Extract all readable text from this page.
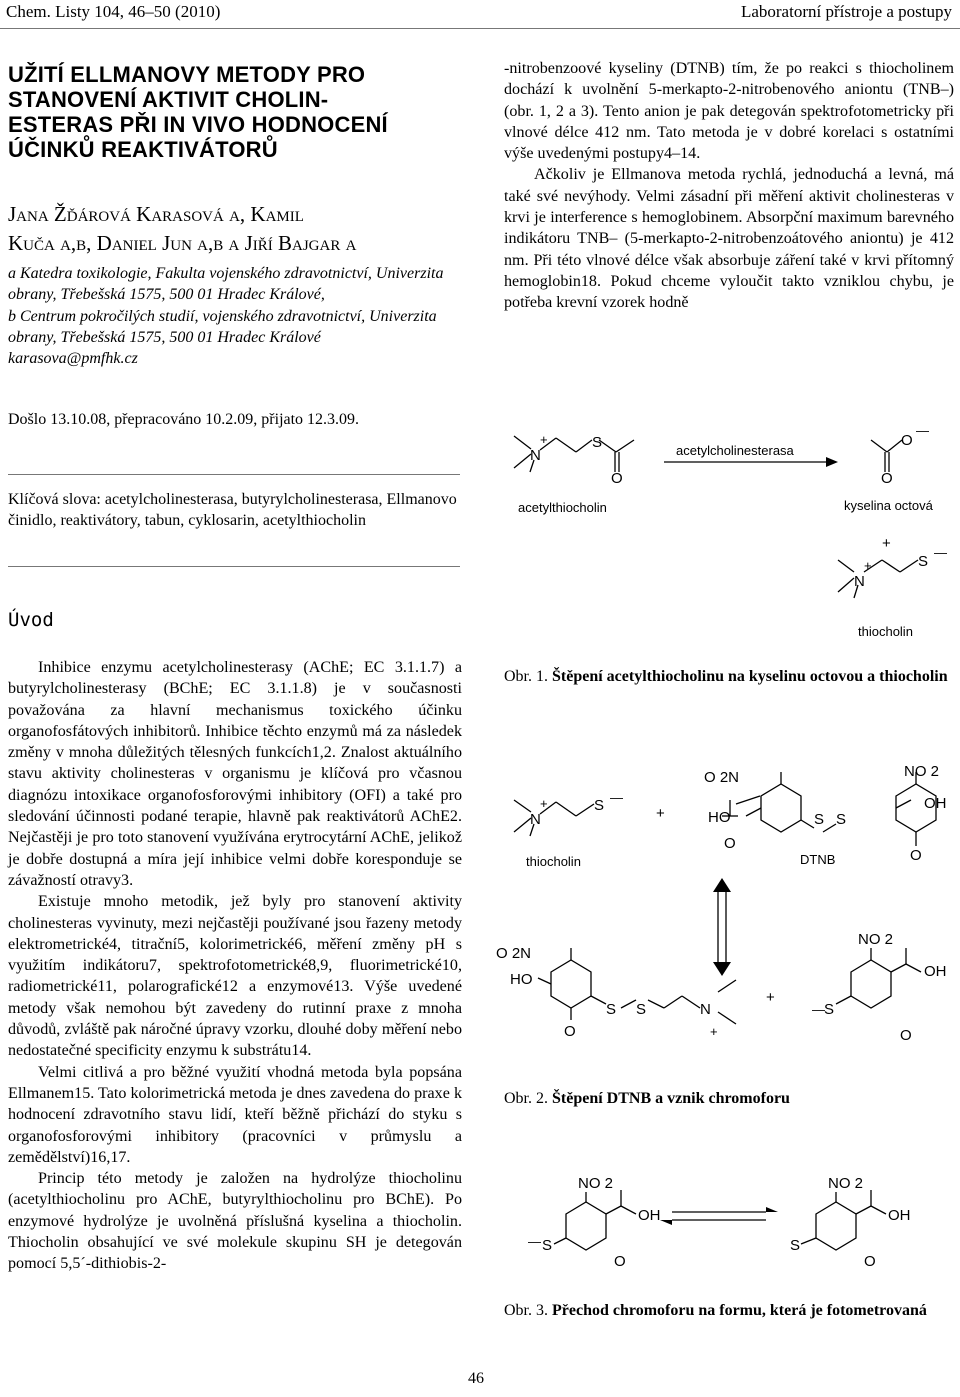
Chem. Listy 104, 46–50 (2010)	Laboratorní přístroje a postupy

UŽITÍ ELLMANOVY METODY PRO

STANOVENÍ AKTIVIT CHOLIN-

ESTERAS PŘI IN VIVO HODNOCENÍ

ÚČINKŮ REAKTIVÁTORŮ

Jana Žďárová Karasová a, Kamil

Kuča a,b, Daniel Jun a,b a Jiří Bajgar a

a Katedra toxikologie, Fakulta vojenského zdravotnictví, Univerzita obrany, Třebešská 1575, 500 01 Hradec Králové,

b Centrum pokročilých studií, vojenského zdravotnictví, Univerzita obrany, Třebešská 1575, 500 01 Hradec Králové

karasova@pmfhk.cz

Došlo 13.10.08, přepracováno 10.2.09, přijato 12.3.09.
Klíčová slova: acetylcholinesterasa, butyrylcholinesterasa, Ellmanovo činidlo, reaktivátory, tabun, cyklosarin, acetylthiocholin
Úvod

Inhibice enzymu acetylcholinesterasy (AChE; EC 3.1.1.7) a butyrylcholinesterasy (BChE; EC 3.1.1.8) je v současnosti považována za hlavní mechanismus toxického účinku organofosfátových inhibitorů. Inhibice těchto enzymů má za následek změny v mnoha důležitých tělesných funkcích1,2. Znalost aktuálního stavu aktivity cholinesteras v organismu je klíčová pro včasnou diagnózu intoxikace organofosforovými inhibitory (OFI) a také pro sledování účinnosti podané terapie, hlavně pak reaktivátorů AChE2. Nejčastěji je pro toto stanovení využívána erytrocytární AChE, jelikož je dobře dostupná a míra její inhibice velmi dobře koresponduje se závažností otravy3.

Existuje mnoho metodik, jež byly pro stanovení aktivity cholinesteras vyvinuty, mezi nejčastěji používané jsou řazeny metody elektrometrické4, titrační5, kolorimetrické6, měření změny pH s využitím indikátoru7, spektrofotometrické8,9, fluorimetrické10, radiometrické11, polarografické12 a enzymové13. Výše uvedené metody však nemohou být zavedeny do rutinní praxe z mnoha důvodů, zvláště pak náročné úpravy vzorku, dlouhé doby měření nebo nedostatečné specificity enzymu k substrátu14.

Velmi citlivá a pro běžné využití vhodná metoda byla popsána Ellmanem15. Tato kolorimetrická metoda je dnes zavedena do praxe k hodnocení zdravotního stavu lidí, kteří běžně přichází do styku s organofosforovými inhibitory (pracovníci v průmyslu a zemědělství)16,17.

Princip této metody je založen na hydrolýze thiocholinu (acetylthiocholinu pro AChE, butyrylthiocholinu pro BChE). Po enzymové hydrolýze je uvolněná příslušná kyselina a thiocholin. Thiocholin obsahující ve své molekule skupinu SH je detegován pomocí 5,5´-dithiobis-2-

-nitrobenzoové kyseliny (DTNB) tím, že po reakci s thiocholinem dochází k uvolnění 5-merkapto-2-nitrobenového aniontu (TNB–) (obr. 1, 2 a 3). Tento anion je pak detegován spektrofotometricky při vlnové délce 412 nm. Tato metoda je v dobré korelaci s ostatními výše uvedenými postupy4–14.

Ačkoliv je Ellmanova metoda rychlá, jednoduchá a levná, má také své nevýhody. Velmi zásadní při měření aktivit cholinesteras v krvi je interference s hemoglobinem. Absorpční maximum barevného indikátoru TNB– (5-merkapto-2-nitrobenzoátového aniontu) je 412 nm. Při této vlnové délce však absorbuje záření také v krvi přítomný hemoglobin18. Pokud chceme vyloučit takto vzniklou chybu, je potřeba krevní vzorek hodně

N
+	S
O
O
—
O
N
+	S
—
acetylcholinesterasa
acetylthiocholin	kyselina octová
+
thiocholin
Obr. 1. Štěpení acetylthiocholinu na kyselinu octovou a thiocholin
N
+	S —
+	HO
O
O 2N	NO 2
S S
OH
O
thiocholin	DTNB
O 2N
HO
O
S S	N
+
+
— S
NO 2
OH
O
Obr. 2. Štěpení DTNB a vznik chromoforu
— S
NO 2
OH
O
S
NO 2
OH
O
Obr. 3. Přechod chromoforu na formu, která je fotometrovaná
46
